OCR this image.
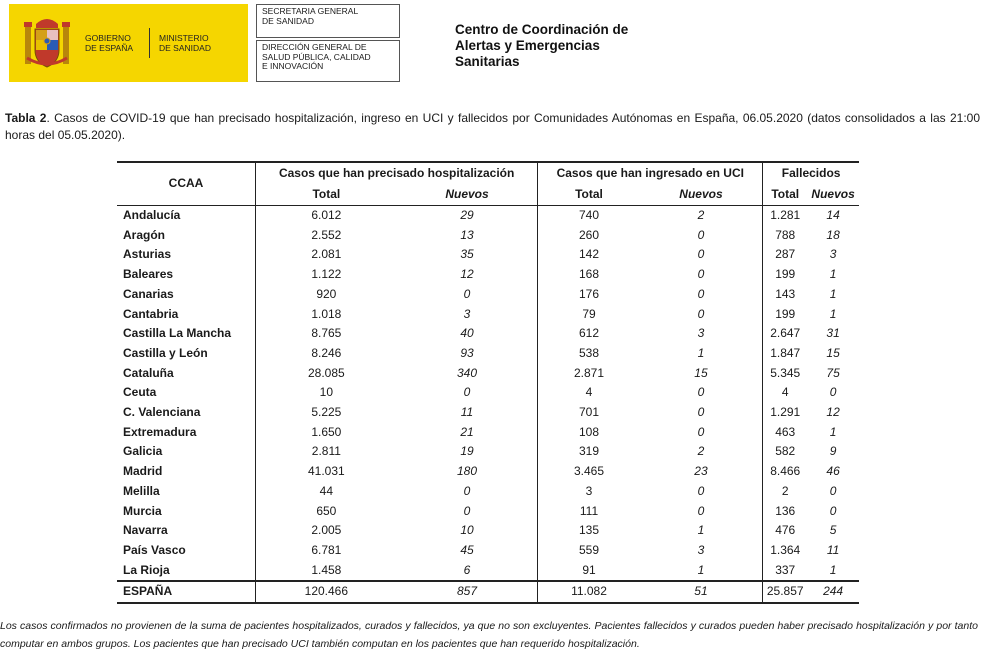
GOBIERNO
DE ESPAÑA
MINISTERIO
DE SANIDAD
SECRETARIA GENERAL
DE SANIDAD
DIRECCIÓN GENERAL DE
SALUD PÚBLICA, CALIDAD
E INNOVACIÓN
Centro de Coordinación de
Alertas y Emergencias
Sanitarias
Tabla 2. Casos de COVID-19 que han precisado hospitalización, ingreso en UCI y fallecidos por Comunidades Autónomas en España, 06.05.2020 (datos consolidados a las 21:00 horas del 05.05.2020).
CCAA	Casos que han precisado hospitalización		Casos que han ingresado en UCI		Fallecidos	
	Total	Nuevos	Total	Nuevos	Total	Nuevos
Andalucía	6.012	29	740	2	1.281	14
Aragón	2.552	13	260	0	788	18
Asturias	2.081	35	142	0	287	3
Baleares	1.122	12	168	0	199	1
Canarias	920	0	176	0	143	1
Cantabria	1.018	3	79	0	199	1
Castilla La Mancha	8.765	40	612	3	2.647	31
Castilla y León	8.246	93	538	1	1.847	15
Cataluña	28.085	340	2.871	15	5.345	75
Ceuta	10	0	4	0	4	0
C. Valenciana	5.225	11	701	0	1.291	12
Extremadura	1.650	21	108	0	463	1
Galicia	2.811	19	319	2	582	9
Madrid	41.031	180	3.465	23	8.466	46
Melilla	44	0	3	0	2	0
Murcia	650	0	111	0	136	0
Navarra	2.005	10	135	1	476	5
País Vasco	6.781	45	559	3	1.364	11
La Rioja	1.458	6	91	1	337	1
ESPAÑA	120.466	857	11.082	51	25.857	244
Los casos confirmados no provienen de la suma de pacientes hospitalizados, curados y fallecidos, ya que no son excluyentes. Pacientes fallecidos y curados pueden haber precisado hospitalización y por tanto computar en ambos grupos. Los pacientes que han precisado UCI también computan en los pacientes que han requerido hospitalización.
